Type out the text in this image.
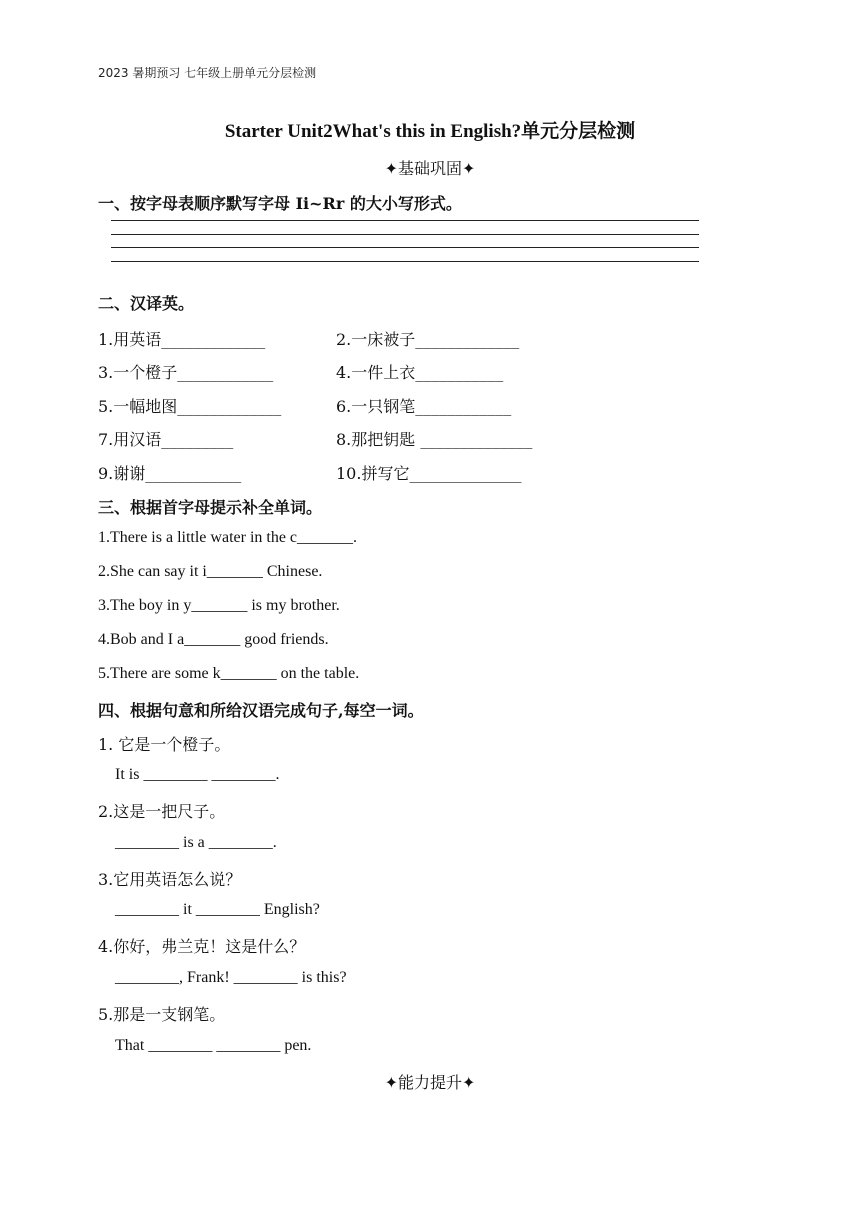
2023 暑期预习 七年级上册单元分层检测
Starter Unit2What's this in English?单元分层检测
✦基础巩固✦
一、按字母表顺序默写字母 Ii~Rr 的大小写形式。
二、汉译英。
1.用英语_____________	2.一床被子_____________
3.一个橙子____________	4.一件上衣___________
5.一幅地图_____________	6.一只钢笔____________
7.用汉语_________	8.那把钥匙 ______________
9.谢谢____________	10.拼写它______________
三、根据首字母提示补全单词。
1.There is a little water in the c_______.
2.She can say it i_______ Chinese.
3.The boy in y_______ is my brother.
4.Bob and I a_______ good friends.
5.There are some k_______ on the table.
四、根据句意和所给汉语完成句子,每空一词。
1. 它是一个橙子。
It is ________ ________.
2.这是一把尺子。
________ is a ________.
3.它用英语怎么说？
________ it ________ English?
4.你好，弗兰克！这是什么？
________, Frank! ________ is this?
5.那是一支钢笔。
That ________ ________ pen.
✦能力提升✦
